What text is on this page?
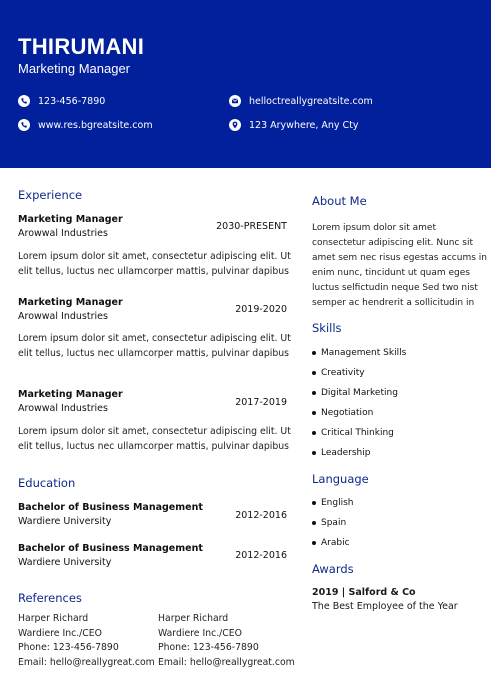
THIRUMANI
Marketing Manager
123-456-7890
www.res.bgreatsite.com
helloctreallygreatsite.com
123 Arywhere, Any Cty
Experience
Marketing Manager
Arowwal Industries
2030-PRESENT
Lorem ipsum dolor sit amet, consectetur adipiscing elit. Ut
elit tellus, luctus nec ullamcorper mattis, pulvinar dapibus
Marketing Manager
Arowwal Industries
2019-2020
Lorem ipsum dolor sit amet, consectetur adipiscing elit. Ut
elit tellus, luctus nec ullamcorper mattis, pulvinar dapibus
Marketing Manager
Arowwal Industries
2017-2019
Lorem ipsum dolor sit amet, consectetur adipiscing elit. Ut
elit tellus, luctus nec ullamcorper mattis, pulvinar dapibus
Education
Bachelor of Business Management
Wardiere University
2012-2016
Bachelor of Business Management
Wardiere University
2012-2016
References
Harper Richard
Wardiere Inc./CEO
Phone: 123-456-7890
Email: hello@reallygreat.com
Harper Richard
Wardiere Inc./CEO
Phone: 123-456-7890
Email: hello@reallygreat.com
About Me
Lorem ipsum dolor sit amet
consectetur adipiscing elit. Nunc sit
amet sem nec risus egestas accums in
enim nunc, tincidunt ut quam eges
luctus selfictudin neque Sed two nist
semper ac hendrerit a sollicitudin in
Skills
Management Skills
Creativity
Digital Marketing
Negotiation
Critical Thinking
Leadership
Language
English
Spain
Arabic
Awards
2019 | Salford & Co
The Best Employee of the Year
